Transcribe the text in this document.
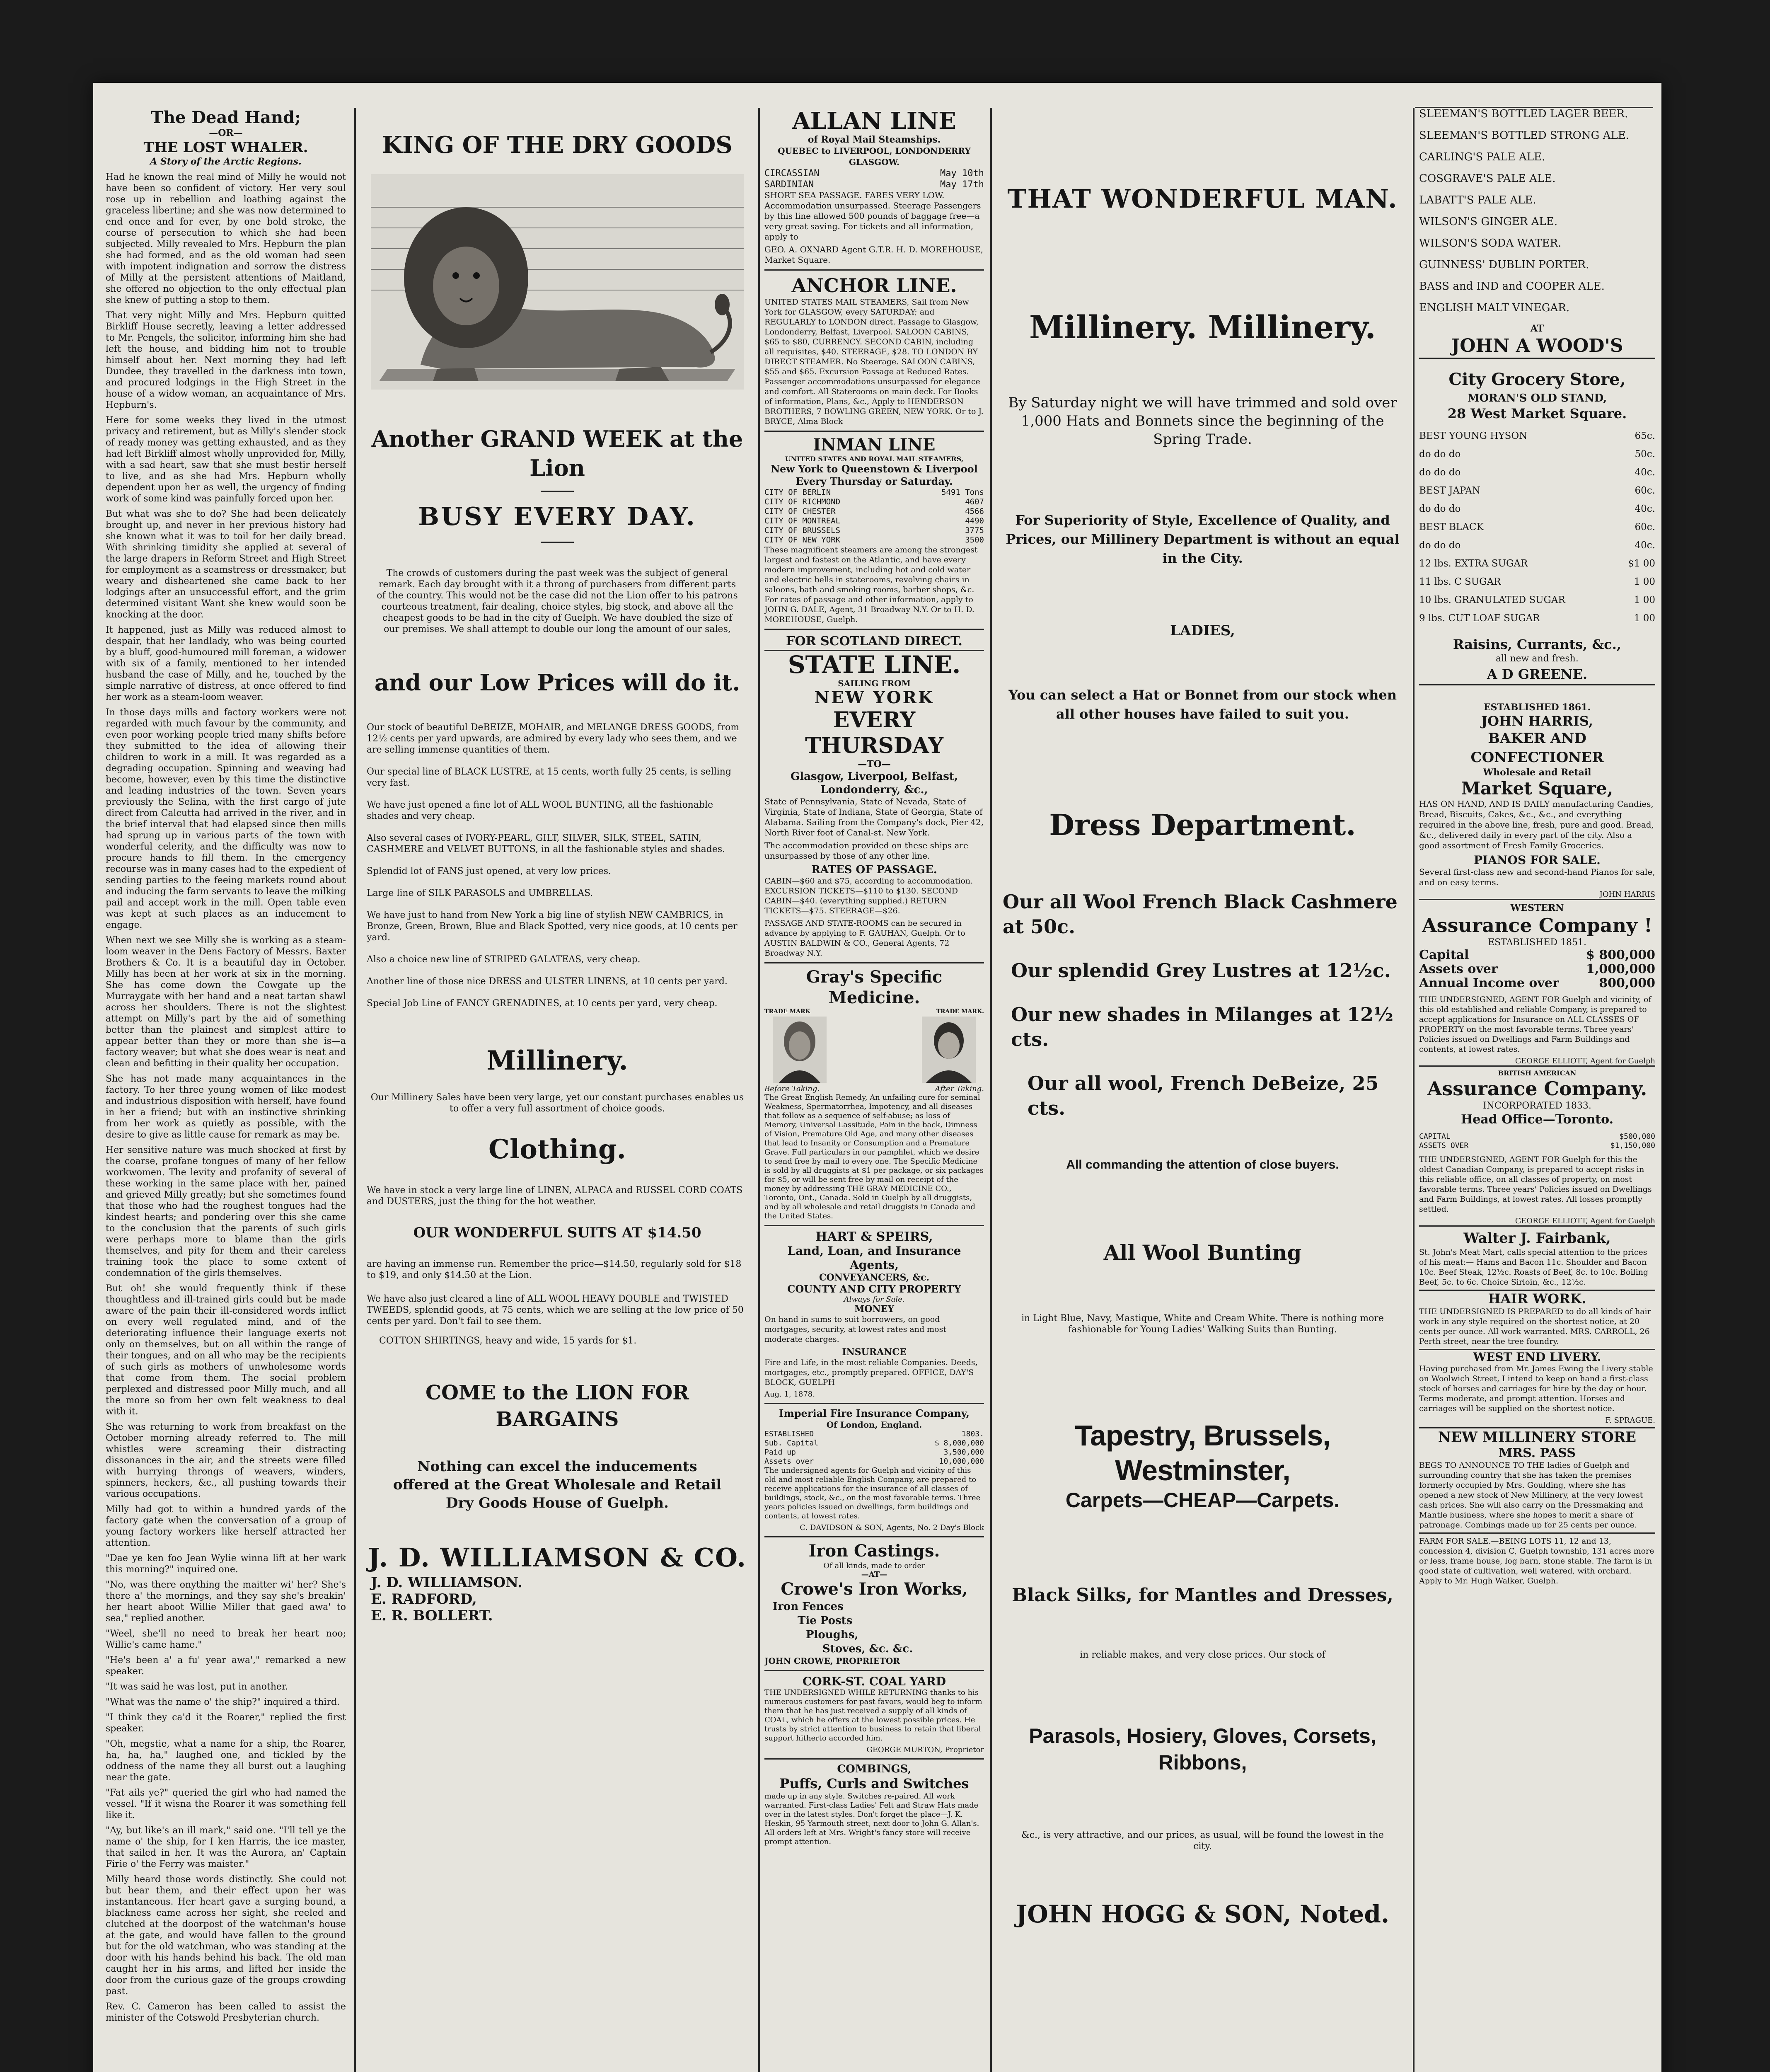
The Dead Hand;
—OR—
THE LOST WHALER.
A Story of the Arctic Regions.

Had he known the real mind of Milly he would not have been so confident of victory. Her very soul rose up in rebellion and loathing against the graceless libertine; and she was now determined to end once and for ever, by one bold stroke, the course of persecution to which she had been subjected. Milly revealed to Mrs. Hepburn the plan she had formed, and as the old woman had seen with impotent indignation and sorrow the distress of Milly at the persistent attentions of Maitland, she offered no objection to the only effectual plan she knew of putting a stop to them.

That very night Milly and Mrs. Hepburn quitted Birkliff House secretly, leaving a letter addressed to Mr. Pengels, the solicitor, informing him she had left the house, and bidding him not to trouble himself about her. Next morning they had left Dundee, they travelled in the darkness into town, and procured lodgings in the High Street in the house of a widow woman, an acquaintance of Mrs. Hepburn's.

Here for some weeks they lived in the utmost privacy and retirement, but as Milly's slender stock of ready money was getting exhausted, and as they had left Birkliff almost wholly unprovided for, Milly, with a sad heart, saw that she must bestir herself to live, and as she had Mrs. Hepburn wholly dependent upon her as well, the urgency of finding work of some kind was painfully forced upon her.

But what was she to do? She had been delicately brought up, and never in her previous history had she known what it was to toil for her daily bread. With shrinking timidity she applied at several of the large drapers in Reform Street and High Street for employment as a seamstress or dressmaker, but weary and disheartened she came back to her lodgings after an unsuccessful effort, and the grim determined visitant Want she knew would soon be knocking at the door.

It happened, just as Milly was reduced almost to despair, that her landlady, who was being courted by a bluff, good-humoured mill foreman, a widower with six of a family, mentioned to her intended husband the case of Milly, and he, touched by the simple narrative of distress, at once offered to find her work as a steam-loom weaver.

In those days mills and factory workers were not regarded with much favour by the community, and even poor working people tried many shifts before they submitted to the idea of allowing their children to work in a mill. It was regarded as a degrading occupation. Spinning and weaving had become, however, even by this time the distinctive and leading industries of the town. Seven years previously the Selina, with the first cargo of jute direct from Calcutta had arrived in the river, and in the brief interval that had elapsed since then mills had sprung up in various parts of the town with wonderful celerity, and the difficulty was now to procure hands to fill them. In the emergency recourse was in many cases had to the expedient of sending parties to the feeing markets round about and inducing the farm servants to leave the milking pail and accept work in the mill. Open table even was kept at such places as an inducement to engage.

When next we see Milly she is working as a steam-loom weaver in the Dens Factory of Messrs. Baxter Brothers & Co. It is a beautiful day in October. Milly has been at her work at six in the morning. She has come down the Cowgate up the Murraygate with her hand and a neat tartan shawl across her shoulders. There is not the slightest attempt on Milly's part by the aid of something better than the plainest and simplest attire to appear better than they or more than she is—a factory weaver; but what she does wear is neat and clean and befitting in their quality her occupation.

She has not made many acquaintances in the factory. To her three young women of like modest and industrious disposition with herself, have found in her a friend; but with an instinctive shrinking from her work as quietly as possible, with the desire to give as little cause for remark as may be.

Her sensitive nature was much shocked at first by the coarse, profane tongues of many of her fellow workwomen. The levity and profanity of several of these working in the same place with her, pained and grieved Milly greatly; but she sometimes found that those who had the roughest tongues had the kindest hearts; and pondering over this she came to the conclusion that the parents of such girls were perhaps more to blame than the girls themselves, and pity for them and their careless training took the place to some extent of condemnation of the girls themselves.

But oh! she would frequently think if these thoughtless and ill-trained girls could but be made aware of the pain their ill-considered words inflict on every well regulated mind, and of the deteriorating influence their language exerts not only on themselves, but on all within the range of their tongues, and on all who may be the recipients of such girls as mothers of unwholesome words that come from them. The social problem perplexed and distressed poor Milly much, and all the more so from her own felt weakness to deal with it.

She was returning to work from breakfast on the October morning already referred to. The mill whistles were screaming their distracting dissonances in the air, and the streets were filled with hurrying throngs of weavers, winders, spinners, heckers, &c., all pushing towards their various occupations.

Milly had got to within a hundred yards of the factory gate when the conversation of a group of young factory workers like herself attracted her attention.

"Dae ye ken foo Jean Wylie winna lift at her wark this morning?" inquired one.

"No, was there onything the maitter wi' her? She's there a' the mornings, and they say she's breakin' her heart aboot Willie Miller that gaed awa' to sea," replied another.

"Weel, she'll no need to break her heart noo; Willie's came hame."

"He's been a' a fu' year awa'," remarked a new speaker.

"It was said he was lost, put in another.

"What was the name o' the ship?" inquired a third.

"I think they ca'd it the Roarer," replied the first speaker.

"Oh, megstie, what a name for a ship, the Roarer, ha, ha, ha," laughed one, and tickled by the oddness of the name they all burst out a laughing near the gate.

"Fat ails ye?" queried the girl who had named the vessel. "If it wisna the Roarer it was something fell like it.

"Ay, but like's an ill mark," said one. "I'll tell ye the name o' the ship, for I ken Harris, the ice master, that sailed in her. It was the Aurora, an' Captain Firie o' the Ferry was maister."

Milly heard those words distinctly. She could not but hear them, and their effect upon her was instantaneous. Her heart gave a surging bound, a blackness came across her sight, she reeled and clutched at the doorpost of the watchman's house at the gate, and would have fallen to the ground but for the old watchman, who was standing at the door with his hands behind his back. The old man caught her in his arms, and lifted her inside the door from the curious gaze of the groups crowding past.

Rev. C. Cameron has been called to assist the minister of the Cotswold Presbyterian church.

KING OF THE DRY GOODS
Another GRAND WEEK at the Lion
BUSY EVERY DAY.

The crowds of customers during the past week was the subject of general remark. Each day brought with it a throng of purchasers from different parts of the country. This would not be the case did not the Lion offer to his patrons courteous treatment, fair dealing, choice styles, big stock, and above all the cheapest goods to be had in the city of Guelph. We have doubled the size of our premises. We shall attempt to double our long the amount of our sales,

and our Low Prices will do it.

Our stock of beautiful DeBEIZE, MOHAIR, and MELANGE DRESS GOODS, from 12½ cents per yard upwards, are admired by every lady who sees them, and we are selling immense quantities of them.

Our special line of BLACK LUSTRE, at 15 cents, worth fully 25 cents, is selling very fast.

We have just opened a fine lot of ALL WOOL BUNTING, all the fashionable shades and very cheap.

Also several cases of IVORY-PEARL, GILT, SILVER, SILK, STEEL, SATIN, CASHMERE and VELVET BUTTONS, in all the fashionable styles and shades.

Splendid lot of FANS just opened, at very low prices.

Large line of SILK PARASOLS and UMBRELLAS.

We have just to hand from New York a big line of stylish NEW CAMBRICS, in Bronze, Green, Brown, Blue and Black Spotted, very nice goods, at 10 cents per yard.

Also a choice new line of STRIPED GALATEAS, very cheap.

Another line of those nice DRESS and ULSTER LINENS, at 10 cents per yard.

Special Job Line of FANCY GRENADINES, at 10 cents per yard, very cheap.

Millinery.

Our Millinery Sales have been very large, yet our constant purchases enables us to offer a very full assortment of choice goods.

Clothing.

We have in stock a very large line of LINEN, ALPACA and RUSSEL CORD COATS and DUSTERS, just the thing for the hot weather.

OUR WONDERFUL SUITS AT $14.50

are having an immense run. Remember the price—$14.50, regularly sold for $18 to $19, and only $14.50 at the Lion.

We have also just cleared a line of ALL WOOL HEAVY DOUBLE and TWISTED TWEEDS, splendid goods, at 75 cents, which we are selling at the low price of 50 cents per yard. Don't fail to see them.

COTTON SHIRTINGS, heavy and wide, 15 yards for $1.

COME to the LION FOR BARGAINS

Nothing can excel the inducements offered at the Great Wholesale and Retail Dry Goods House of Guelph.

J. D. WILLIAMSON & CO.
J. D. WILLIAMSON.
E. RADFORD,
E. R. BOLLERT.
ALLAN LINE
of Royal Mail Steamships.
QUEBEC to LIVERPOOL, LONDONDERRY GLASGOW.
CIRCASSIAN	May 10th
SARDINIAN	May 17th

SHORT SEA PASSAGE. FARES VERY LOW. Accommodation unsurpassed. Steerage Passengers by this line allowed 500 pounds of baggage free—a very great saving. For tickets and all information, apply to

GEO. A. OXNARD Agent G.T.R. H. D. MOREHOUSE, Market Square.

ANCHOR LINE.

UNITED STATES MAIL STEAMERS, Sail from New York for GLASGOW, every SATURDAY; and REGULARLY to LONDON direct. Passage to Glasgow, Londonderry, Belfast, Liverpool. SALOON CABINS, $65 to $80, CURRENCY. SECOND CABIN, including all requisites, $40. STEERAGE, $28. TO LONDON BY DIRECT STEAMER. No Steerage. SALOON CABINS, $55 and $65. Excursion Passage at Reduced Rates. Passenger accommodations unsurpassed for elegance and comfort. All Staterooms on main deck. For Books of information, Plans, &c., Apply to HENDERSON BROTHERS, 7 BOWLING GREEN, NEW YORK. Or to J. BRYCE, Alma Block

INMAN LINE
UNITED STATES AND ROYAL MAIL STEAMERS,
New York to Queenstown & Liverpool Every Thursday or Saturday.
CITY OF BERLIN	5491 Tons
CITY OF RICHMOND	4607
CITY OF CHESTER	4566
CITY OF MONTREAL	4490
CITY OF BRUSSELS	3775
CITY OF NEW YORK	3500

These magnificent steamers are among the strongest largest and fastest on the Atlantic, and have every modern improvement, including hot and cold water and electric bells in staterooms, revolving chairs in saloons, bath and smoking rooms, barber shops, &c. For rates of passage and other information, apply to JOHN G. DALE, Agent, 31 Broadway N.Y. Or to H. D. MOREHOUSE, Guelph.

FOR SCOTLAND DIRECT.
STATE LINE.
SAILING FROM
NEW YORK
EVERY THURSDAY
—TO—
Glasgow, Liverpool, Belfast, Londonderry, &c.,

State of Pennsylvania, State of Nevada, State of Virginia, State of Indiana, State of Georgia, State of Alabama. Sailing from the Company's dock, Pier 42, North River foot of Canal-st. New York.

The accommodation provided on these ships are unsurpassed by those of any other line.

RATES OF PASSAGE.

CABIN—$60 and $75, according to accommodation. EXCURSION TICKETS—$110 to $130. SECOND CABIN—$40. (everything supplied.) RETURN TICKETS—$75. STEERAGE—$26.

PASSAGE AND STATE-ROOMS can be secured in advance by applying to F. GAUHAN, Guelph. Or to AUSTIN BALDWIN & CO., General Agents, 72 Broadway N.Y.

Gray's Specific Medicine.
TRADE MARK	TRADE MARK.
Before Taking.	After Taking.

The Great English Remedy, An unfailing cure for seminal Weakness, Spermatorrhea, Impotency, and all diseases that follow as a sequence of self-abuse; as loss of Memory, Universal Lassitude, Pain in the back, Dimness of Vision, Premature Old Age, and many other diseases that lead to Insanity or Consumption and a Premature Grave. Full particulars in our pamphlet, which we desire to send free by mail to every one. The Specific Medicine is sold by all druggists at $1 per package, or six packages for $5, or will be sent free by mail on receipt of the money by addressing THE GRAY MEDICINE CO., Toronto, Ont., Canada. Sold in Guelph by all druggists, and by all wholesale and retail druggists in Canada and the United States.

HART & SPEIRS,
Land, Loan, and Insurance Agents,
CONVEYANCERS, &c.
COUNTY AND CITY PROPERTY
Always for Sale.
MONEY

On hand in sums to suit borrowers, on good mortgages, security, at lowest rates and most moderate charges.

INSURANCE

Fire and Life, in the most reliable Companies. Deeds, mortgages, etc., promptly prepared. OFFICE, DAY'S BLOCK, GUELPH

Aug. 1, 1878.

Imperial Fire Insurance Company,
Of London, England.
ESTABLISHED	1803.
Sub. Capital	$ 8,000,000
Paid up	3,500,000
Assets over	10,000,000

The undersigned agents for Guelph and vicinity of this old and most reliable English Company, are prepared to receive applications for the insurance of all classes of buildings, stock, &c., on the most favorable terms. Three years policies issued on dwellings, farm buildings and contents, at lowest rates.

C. DAVIDSON & SON, Agents, No. 2 Day's Block

Iron Castings.
Of all kinds, made to order
—AT—
Crowe's Iron Works,
Iron Fences
Tie Posts
Ploughs,
Stoves, &c. &c.

JOHN CROWE, PROPRIETOR

CORK-ST. COAL YARD

THE UNDERSIGNED WHILE RETURNING thanks to his numerous customers for past favors, would beg to inform them that he has just received a supply of all kinds of COAL, which he offers at the lowest possible prices. He trusts by strict attention to business to retain that liberal support hitherto accorded him.

GEORGE MURTON, Proprietor

COMBINGS,
Puffs, Curls and Switches

made up in any style. Switches re-paired. All work warranted. First-class Ladies' Felt and Straw Hats made over in the latest styles. Don't forget the place—J. K. Heskin, 95 Yarmouth street, next door to John G. Allan's. All orders left at Mrs. Wright's fancy store will receive prompt attention.

THAT WONDERFUL MAN.
Millinery. Millinery.

By Saturday night we will have trimmed and sold over 1,000 Hats and Bonnets since the beginning of the Spring Trade.

For Superiority of Style, Excellence of Quality, and Prices, our Millinery Department is without an equal in the City.

LADIES,

You can select a Hat or Bonnet from our stock when all other houses have failed to suit you.

Dress Department.

Our all Wool French Black Cashmere at 50c.

Our splendid Grey Lustres at 12½c.

Our new shades in Milanges at 12½ cts.

Our all wool, French DeBeize, 25 cts.

All commanding the attention of close buyers.
All Wool Bunting

in Light Blue, Navy, Mastique, White and Cream White. There is nothing more fashionable for Young Ladies' Walking Suits than Bunting.

Tapestry, Brussels, Westminster,
Carpets—CHEAP—Carpets.
Black Silks, for Mantles and Dresses,

in reliable makes, and very close prices. Our stock of

Parasols, Hosiery, Gloves, Corsets, Ribbons,

&c., is very attractive, and our prices, as usual, will be found the lowest in the city.

JOHN HOGG & SON, Noted.

SLEEMAN'S BOTTLED LAGER BEER.

SLEEMAN'S BOTTLED STRONG ALE.

CARLING'S PALE ALE.

COSGRAVE'S PALE ALE.

LABATT'S PALE ALE.

WILSON'S GINGER ALE.

WILSON'S SODA WATER.

GUINNESS' DUBLIN PORTER.

BASS and IND and COOPER ALE.

ENGLISH MALT VINEGAR.

AT
JOHN A WOOD'S
City Grocery Store,
MORAN'S OLD STAND,
28 West Market Square.
BEST YOUNG HYSON	65c.
do do do	50c.
do do do	40c.
BEST JAPAN	60c.
do do do	40c.
BEST BLACK	60c.
do do do	40c.
12 lbs. EXTRA SUGAR	$1 00
11 lbs. C SUGAR	1 00
10 lbs. GRANULATED SUGAR	1 00
9 lbs. CUT LOAF SUGAR	1 00
Raisins, Currants, &c.,
all new and fresh.
A D GREENE.
ESTABLISHED 1861.
JOHN HARRIS,
BAKER AND CONFECTIONER
Wholesale and Retail
Market Square,

HAS ON HAND, AND IS DAILY manufacturing Candies, Bread, Biscuits, Cakes, &c., &c., and everything required in the above line, fresh, pure and good. Bread, &c., delivered daily in every part of the city. Also a good assortment of Fresh Family Groceries.

PIANOS FOR SALE.

Several first-class new and second-hand Pianos for sale, and on easy terms.

JOHN HARRIS

WESTERN
Assurance Company !
ESTABLISHED 1851.
Capital	$ 800,000
Assets over	1,000,000
Annual Income over	800,000

THE UNDERSIGNED, AGENT FOR Guelph and vicinity, of this old established and reliable Company, is prepared to accept applications for Insurance on ALL CLASSES OF PROPERTY on the most favorable terms. Three years' Policies issued on Dwellings and Farm Buildings and contents, at lowest rates.

GEORGE ELLIOTT, Agent for Guelph

BRITISH AMERICAN
Assurance Company.
INCORPORATED 1833.
Head Office—Toronto.
CAPITAL	$500,000
ASSETS OVER	$1,150,000

THE UNDERSIGNED, AGENT FOR Guelph for this the oldest Canadian Company, is prepared to accept risks in this reliable office, on all classes of property, on most favorable terms. Three years' Policies issued on Dwellings and Farm Buildings, at lowest rates. All losses promptly settled.

GEORGE ELLIOTT, Agent for Guelph

Walter J. Fairbank,

St. John's Meat Mart, calls special attention to the prices of his meat:— Hams and Bacon 11c. Shoulder and Bacon 10c. Beef Steak, 12½c. Roasts of Beef, 8c. to 10c. Boiling Beef, 5c. to 6c. Choice Sirloin, &c., 12½c.

HAIR WORK.

THE UNDERSIGNED IS PREPARED to do all kinds of hair work in any style required on the shortest notice, at 20 cents per ounce. All work warranted. MRS. CARROLL, 26 Perth street, near the tree foundry.

WEST END LIVERY.

Having purchased from Mr. James Ewing the Livery stable on Woolwich Street, I intend to keep on hand a first-class stock of horses and carriages for hire by the day or hour. Terms moderate, and prompt attention. Horses and carriages will be supplied on the shortest notice.

F. SPRAGUE.

NEW MILLINERY STORE
MRS. PASS

BEGS TO ANNOUNCE TO THE ladies of Guelph and surrounding country that she has taken the premises formerly occupied by Mrs. Goulding, where she has opened a new stock of New Millinery, at the very lowest cash prices. She will also carry on the Dressmaking and Mantle business, where she hopes to merit a share of patronage. Combings made up for 25 cents per ounce.

FARM FOR SALE.—BEING LOTS 11, 12 and 13, concession 4, division C, Guelph township, 131 acres more or less, frame house, log barn, stone stable. The farm is in good state of cultivation, well watered, with orchard. Apply to Mr. Hugh Walker, Guelph.
